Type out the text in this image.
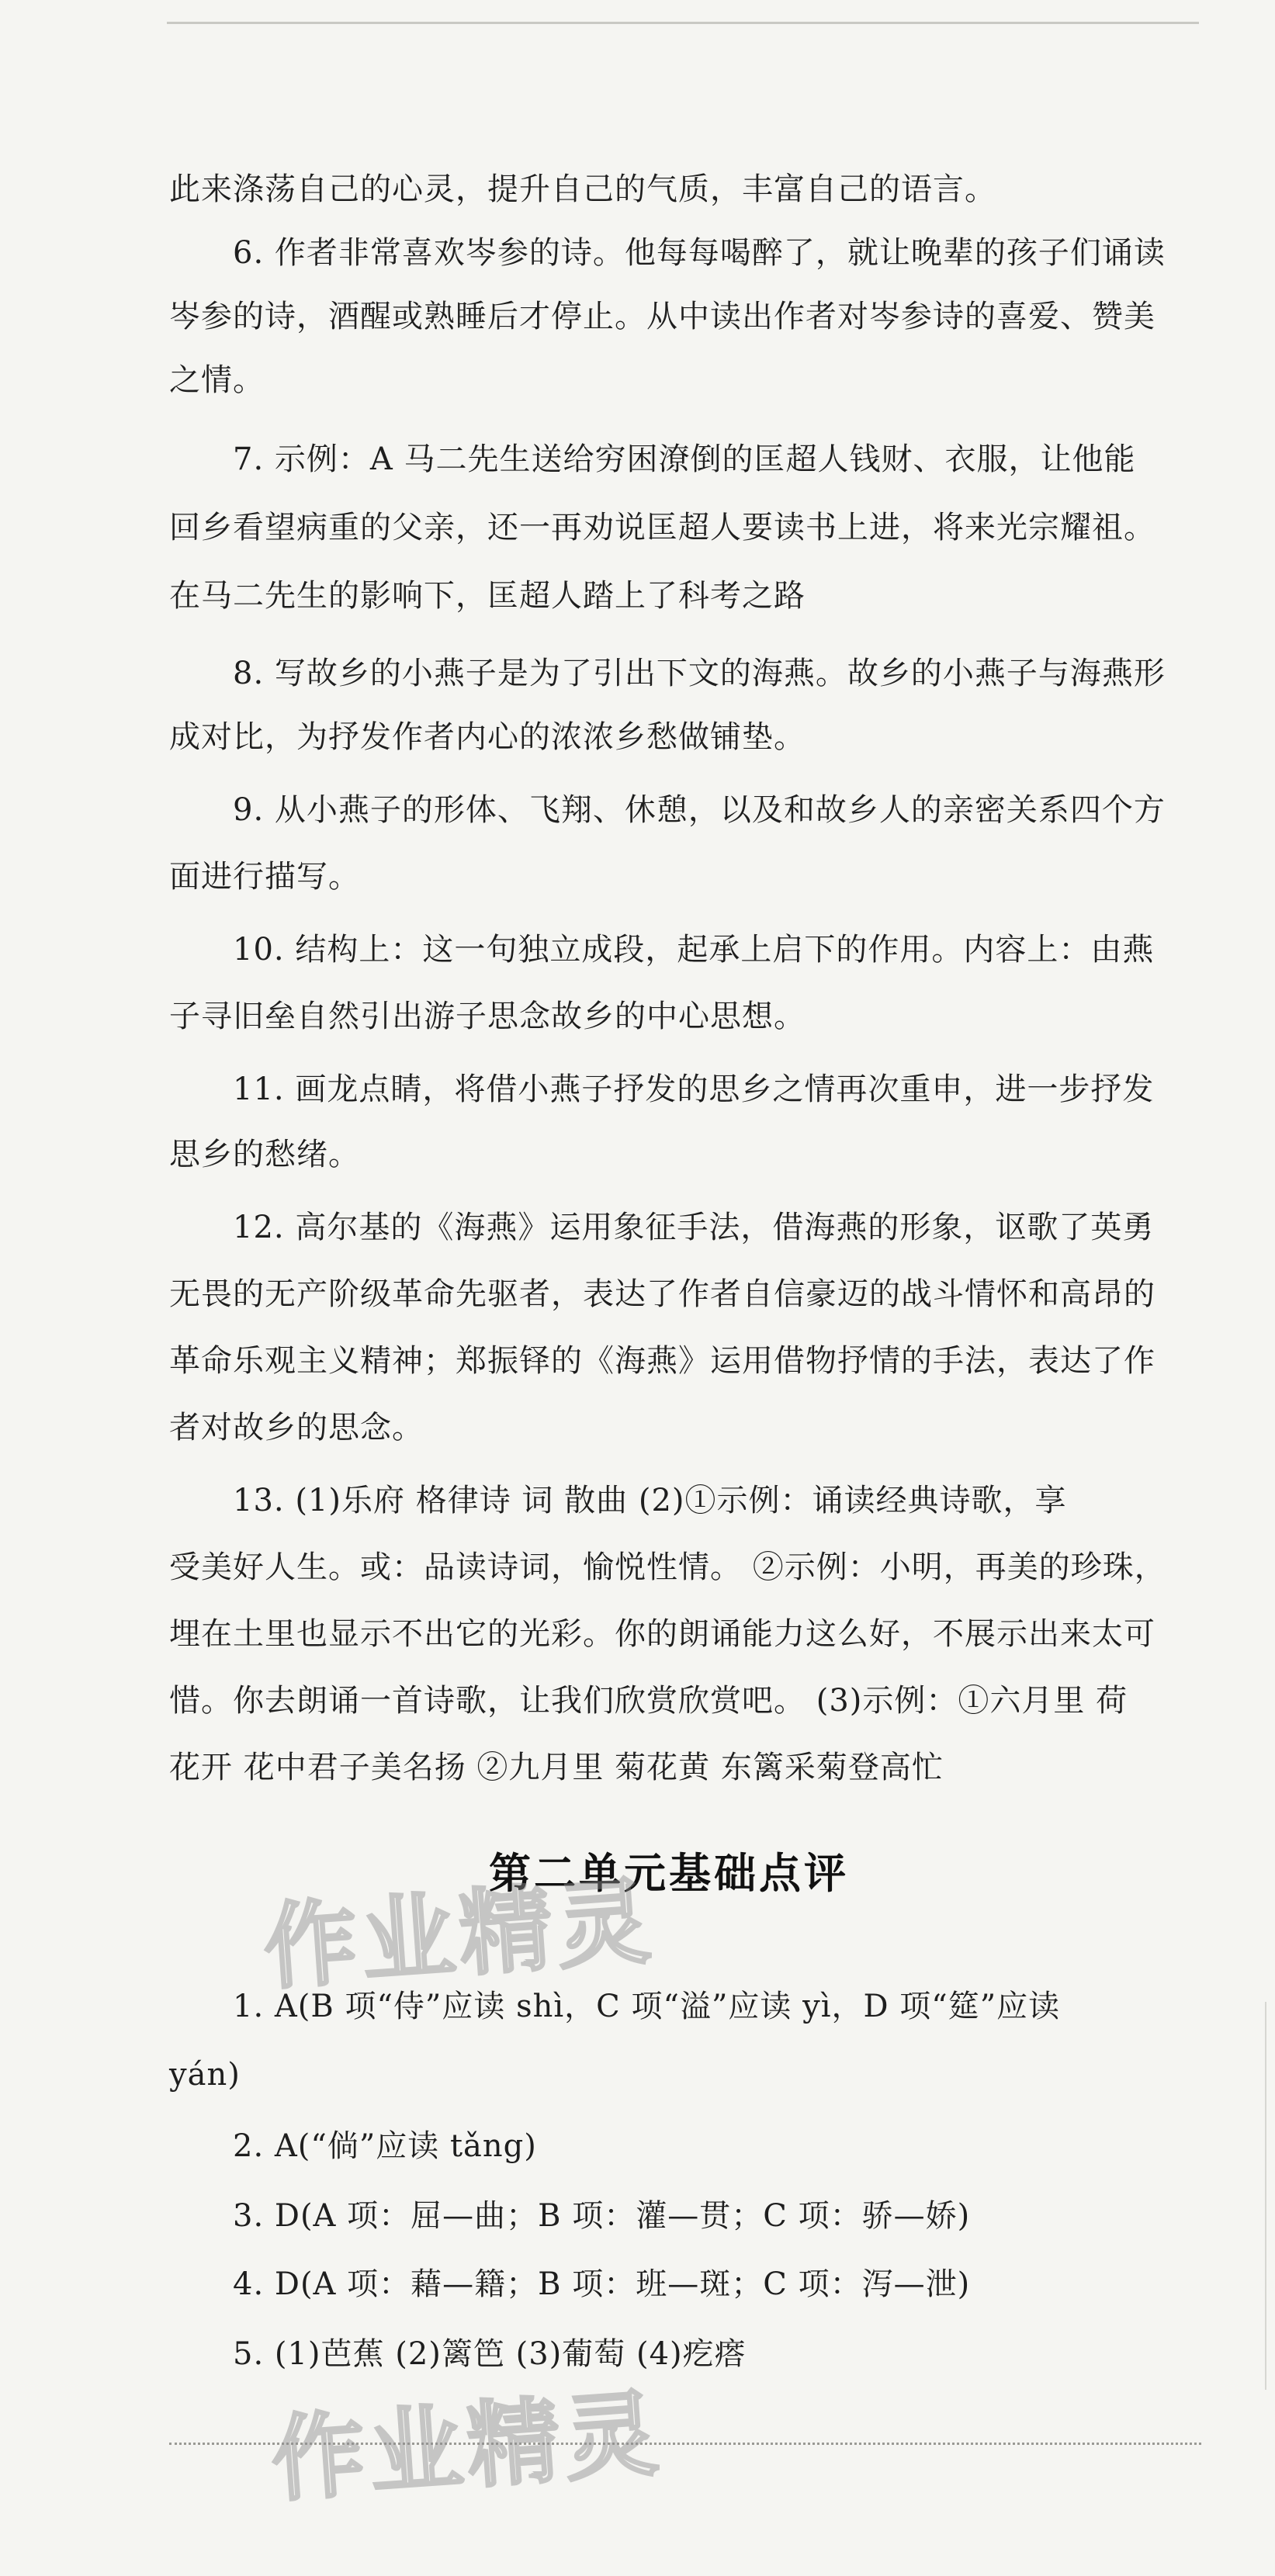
此来涤荡自己的心灵，提升自己的气质，丰富自己的语言。
6. 作者非常喜欢岑参的诗。他每每喝醉了，就让晚辈的孩子们诵读
岑参的诗，酒醒或熟睡后才停止。从中读出作者对岑参诗的喜爱、赞美
之情。
7. 示例：A 马二先生送给穷困潦倒的匡超人钱财、衣服，让他能
回乡看望病重的父亲，还一再劝说匡超人要读书上进，将来光宗耀祖。
在马二先生的影响下，匡超人踏上了科考之路
8. 写故乡的小燕子是为了引出下文的海燕。故乡的小燕子与海燕形
成对比，为抒发作者内心的浓浓乡愁做铺垫。
9. 从小燕子的形体、飞翔、休憩，以及和故乡人的亲密关系四个方
面进行描写。
10. 结构上：这一句独立成段，起承上启下的作用。内容上：由燕
子寻旧垒自然引出游子思念故乡的中心思想。
11. 画龙点睛，将借小燕子抒发的思乡之情再次重申，进一步抒发
思乡的愁绪。
12. 高尔基的《海燕》运用象征手法，借海燕的形象，讴歌了英勇
无畏的无产阶级革命先驱者，表达了作者自信豪迈的战斗情怀和高昂的
革命乐观主义精神；郑振铎的《海燕》运用借物抒情的手法，表达了作
者对故乡的思念。
13. (1)乐府 格律诗 词 散曲 (2)①示例：诵读经典诗歌，享
受美好人生。或：品读诗词，愉悦性情。 ②示例：小明，再美的珍珠，
埋在土里也显示不出它的光彩。你的朗诵能力这么好，不展示出来太可
惜。你去朗诵一首诗歌，让我们欣赏欣赏吧。 (3)示例：①六月里 荷
花开 花中君子美名扬 ②九月里 菊花黄 东篱采菊登高忙
第二单元基础点评
作业精灵
1. A(B 项“侍”应读 shì，C 项“溢”应读 yì，D 项“筵”应读
yán)
2. A(“倘”应读 tǎng)
3. D(A 项：屈—曲；B 项：灌—贯；C 项：骄—娇)
4. D(A 项：藉—籍；B 项：班—斑；C 项：泻—泄)
5. (1)芭蕉 (2)篱笆 (3)葡萄 (4)疙瘩
作业精灵
